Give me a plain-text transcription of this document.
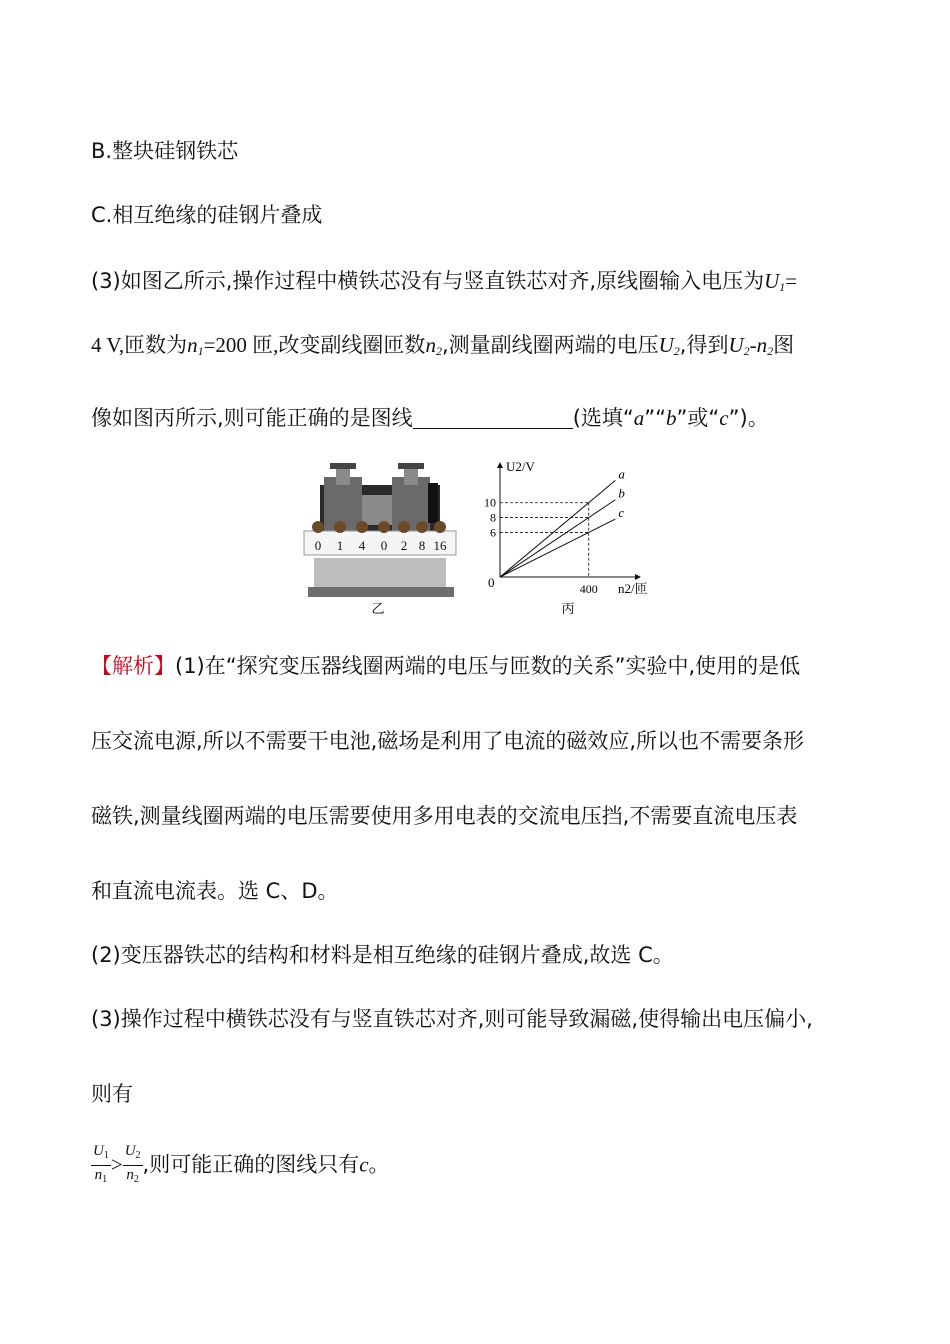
B.整块硅钢铁芯
C.相互绝缘的硅钢片叠成
(3)如图乙所示,操作过程中横铁芯没有与竖直铁芯对齐,原线圈输入电压为$U_1=$
4 V,匝数为$n_1=200$ 匝,改变副线圈匝数$n_2$,测量副线圈两端的电压$U_2$,得到$U_2-n_2$图
像如图丙所示,则可能正确的是图线	(选填“a”“b”或“c”)。
0 1 4 0 2 8 16
乙
U2/V
n2/匝
0
10
8
6
400
a
b
c
丙
【解析】(1)在“探究变压器线圈两端的电压与匝数的关系”实验中,使用的是低
压交流电源,所以不需要干电池,磁场是利用了电流的磁效应,所以也不需要条形
磁铁,测量线圈两端的电压需要使用多用电表的交流电压挡,不需要直流电压表
和直流电流表。选 C、D。
(2)变压器铁芯的结构和材料是相互绝缘的硅钢片叠成,故选 C。
(3)操作过程中横铁芯没有与竖直铁芯对齐,则可能导致漏磁,使得输出电压偏小,
则有
$\frac{U_1}{n_1} > \frac{U_2}{n_2}$ ,则可能正确的图线只有c。
